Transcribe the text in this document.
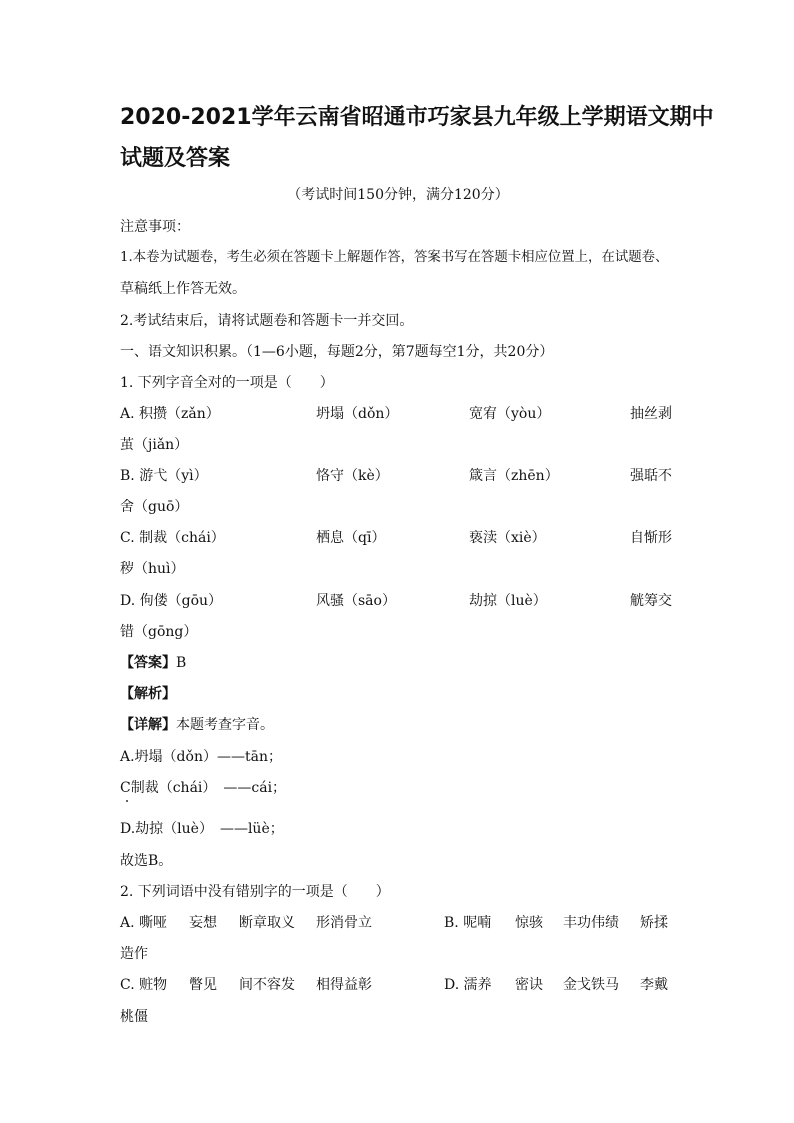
2020-2021学年云南省昭通市巧家县九年级上学期语文期中
试题及答案
（考试时间150分钟，满分120分）
注意事项：
1.本卷为试题卷，考生必须在答题卡上解题作答，答案书写在答题卡相应位置上，在试题卷、
草稿纸上作答无效。
2.考试结束后，请将试题卷和答题卡一并交回。
一、语文知识积累。（1—6小题，每题2分，第7题每空1分，共20分）
1. 下列字音全对的一项是（　　）
A. 积攒（zǎn）	坍塌（dǒn）	宽宥（yòu）	抽丝剥
茧（jiǎn）
B. 游弋（yì）	恪守（kè）	箴言（zhēn）	强聒不
舍（guō）
C. 制裁（chái）	栖息（qī）	亵渎（xiè）	自惭形
秽（huì）
D. 佝偻（gōu）	风骚（sāo）	劫掠（luè）	觥筹交
错（gōng）
【答案】B
【解析】
【详解】本题考查字音。
A.坍塌（dǒn）——tān；
C制裁（chái）　——cái；
D.劫掠（luè）　——lüè；
故选B。
2. 下列词语中没有错别字的一项是（　　）
A. 嘶哑 妄想 断章取义 形消骨立	B. 呢喃 惊骇 丰功伟绩 矫揉
造作
C. 赃物 瞥见 间不容发 相得益彰	D. 濡养 密诀 金戈铁马 李戴
桃僵
